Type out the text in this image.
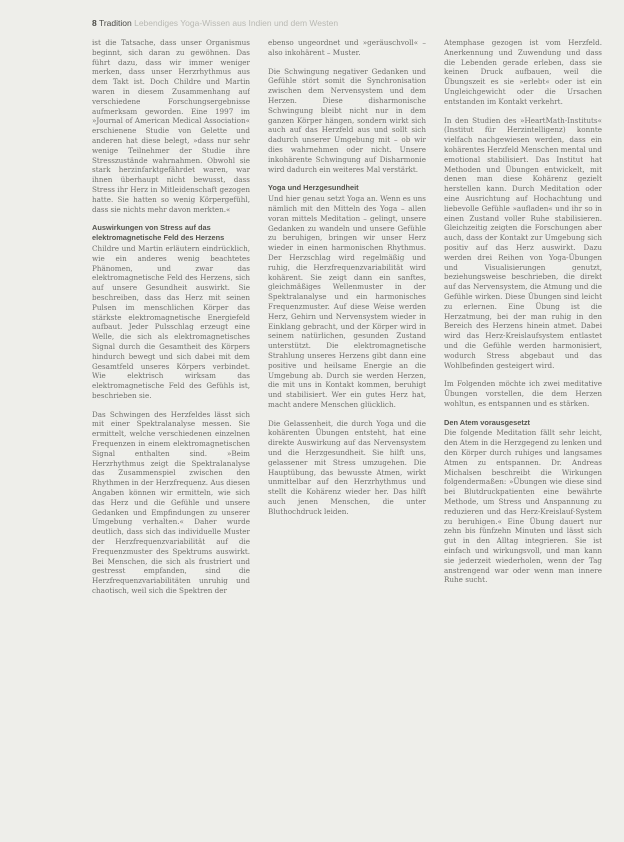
8 Tradition Lebendiges Yoga-Wissen aus Indien und dem Westen

ist die Tatsache, dass unser Organismus beginnt, sich daran zu gewöhnen. Das führt dazu, dass wir immer weniger merken, dass unser Herzrhythmus aus dem Takt ist. Doch Childre und Martin waren in diesem Zusammenhang auf verschiedene Forschungsergebnisse aufmerksam geworden. Eine 1997 im »Journal of American Medical Association« erschienene Studie von Gelette und anderen hat diese belegt, »dass nur sehr wenige Teilnehmer der Studie ihre Stresszustände wahrnahmen. Obwohl sie stark herzinfarktgefährdet waren, war ihnen überhaupt nicht bewusst, dass Stress ihr Herz in Mitleidenschaft gezogen hatte. Sie hatten so wenig Körpergefühl, dass sie nichts mehr davon merkten.«

Auswirkungen von Stress auf das elektromagnetische Feld des Herzens

Childre und Martin erläutern eindrücklich, wie ein anderes wenig beachtetes Phänomen, und zwar das elektromagnetische Feld des Herzens, sich auf unsere Gesundheit auswirkt. Sie beschreiben, dass das Herz mit seinen Pulsen im menschlichen Körper das stärkste elektromagnetische Energiefeld aufbaut. Jeder Pulsschlag erzeugt eine Welle, die sich als elektromagnetisches Signal durch die Gesamtheit des Körpers hindurch bewegt und sich dabei mit dem Gesamtfeld unseres Körpers verbindet. Wie elektrisch wirksam das elektromagnetische Feld des Gefühls ist, beschrieben sie.

Das Schwingen des Herzfeldes lässt sich mit einer Spektralanalyse messen. Sie ermittelt, welche verschiedenen einzelnen Frequenzen in einem elektromagnetischen Signal enthalten sind. »Beim Herzrhythmus zeigt die Spektralanalyse das Zusammenspiel zwischen den Rhythmen in der Herzfrequenz. Aus diesen Angaben können wir ermitteln, wie sich das Herz und die Gefühle und unsere Gedanken und Empfindungen zu unserer Umgebung verhalten.« Daher wurde deutlich, dass sich das individuelle Muster der Herzfrequenzvariabilität auf die Frequenzmuster des Spektrums auswirkt. Bei Menschen, die sich als frustriert und gestresst empfanden, sind die Herzfrequenzvariabilitäten unruhig und chaotisch, weil sich die Spektren der

ebenso ungeordnet und »geräuschvoll« – also inkohärent – Muster.

Die Schwingung negativer Gedanken und Gefühle stört somit die Synchronisation zwischen dem Nervensystem und dem Herzen. Diese disharmonische Schwingung bleibt nicht nur in dem ganzen Körper hängen, sondern wirkt sich auch auf das Herzfeld aus und sollt sich dadurch unserer Umgebung mit – ob wir dies wahrnehmen oder nicht. Unsere inkohärente Schwingung auf Disharmonie wird dadurch ein weiteres Mal verstärkt.

Yoga und Herzgesundheit

Und hier genau setzt Yoga an. Wenn es uns nämlich mit den Mitteln des Yoga – allen voran mittels Meditation – gelingt, unsere Gedanken zu wandeln und unsere Gefühle zu beruhigen, bringen wir unser Herz wieder in einen harmonischen Rhythmus. Der Herzschlag wird regelmäßig und ruhig, die Herzfrequenzvariabilität wird kohärent. Sie zeigt dann ein sanftes, gleichmäßiges Wellenmuster in der Spektralanalyse und ein harmonisches Frequenzmuster. Auf diese Weise werden Herz, Gehirn und Nervensystem wieder in Einklang gebracht, und der Körper wird in seinem natürlichen, gesunden Zustand unterstützt. Die elektromagnetische Strahlung unseres Herzens gibt dann eine positive und heilsame Energie an die Umgebung ab. Durch sie werden Herzen, die mit uns in Kontakt kommen, beruhigt und stabilisiert. Wer ein gutes Herz hat, macht andere Menschen glücklich.

Die Gelassenheit, die durch Yoga und die kohärenten Übungen entsteht, hat eine direkte Auswirkung auf das Nervensystem und die Herzgesundheit. Sie hilft uns, gelassener mit Stress umzugehen. Die Hauptübung, das bewusste Atmen, wirkt unmittelbar auf den Herzrhythmus und stellt die Kohärenz wieder her. Das hilft auch jenen Menschen, die unter Bluthochdruck leiden.

Atemphase gezogen ist vom Herzfeld. Anerkennung und Zuwendung und dass die Lebenden gerade erleben, dass sie keinen Druck aufbauen, weil die Übungszeit es sie »erlebt« oder ist ein Ungleichgewicht oder die Ursachen entstanden im Kontakt verkehrt.

In den Studien des »HeartMath-Instituts« (Institut für Herzintelligenz) konnte vielfach nachgewiesen werden, dass ein kohärentes Herzfeld Menschen mental und emotional stabilisiert. Das Institut hat Methoden und Übungen entwickelt, mit denen man diese Kohärenz gezielt herstellen kann. Durch Meditation oder eine Ausrichtung auf Hochachtung und liebevolle Gefühle »aufladen« und ihr so in einen Zustand voller Ruhe stabilisieren. Gleichzeitig zeigten die Forschungen aber auch, dass der Kontakt zur Umgebung sich positiv auf das Herz auswirkt. Dazu werden drei Reihen von Yoga-Übungen und Visualisierungen genutzt, beziehungsweise beschrieben, die direkt auf das Nervensystem, die Atmung und die Gefühle wirken. Diese Übungen sind leicht zu erlernen. Eine Übung ist die Herzatmung, bei der man ruhig in den Bereich des Herzens hinein atmet. Dabei wird das Herz-Kreislaufsystem entlastet und die Gefühle werden harmonisiert, wodurch Stress abgebaut und das Wohlbefinden gesteigert wird.

Im Folgenden möchte ich zwei meditative Übungen vorstellen, die dem Herzen wohltun, es entspannen und es stärken.

Den Atem vorausgesetzt

Die folgende Meditation fällt sehr leicht, den Atem in die Herzgegend zu lenken und den Körper durch ruhiges und langsames Atmen zu entspannen. Dr. Andreas Michalsen beschreibt die Wirkungen folgendermaßen: »Übungen wie diese sind bei Blutdruckpatienten eine bewährte Methode, um Stress und Anspannung zu reduzieren und das Herz-Kreislauf-System zu beruhigen.« Eine Übung dauert nur zehn bis fünfzehn Minuten und lässt sich gut in den Alltag integrieren. Sie ist einfach und wirkungsvoll, und man kann sie jederzeit wiederholen, wenn der Tag anstrengend war oder wenn man innere Ruhe sucht.
